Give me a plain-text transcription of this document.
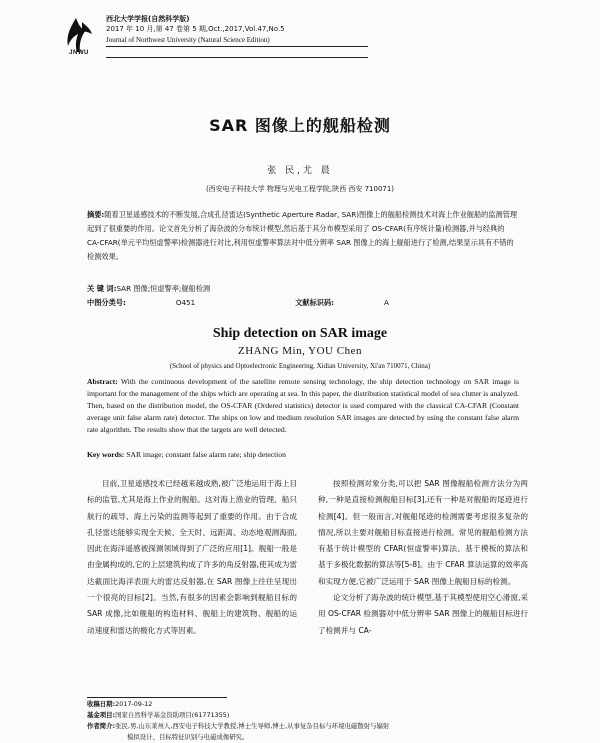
JNWU
西北大学学报(自然科学版)
2017 年 10 月,第 47 卷第 5 期,Oct.,2017,Vol.47,No.5
Journal of Northwest University (Natural Science Edition)
SAR 图像上的舰船检测
张 民,尤 晨
(西安电子科技大学 物理与光电工程学院,陕西 西安 710071)
摘要:随着卫星遥感技术的不断发展,合成孔径雷达(Synthetic Aperture Radar, SAR)图像上的舰船检测技术对海上作业舰船的监测管理起到了很重要的作用。论文首先分析了海杂波的分布统计模型,然后基于其分布模型采用了 OS-CFAR(有序统计量)检测器,并与经典的 CA-CFAR(单元平均恒虚警率)检测器进行对比,利用恒虚警率算法对中低分辨率 SAR 图像上的海上舰船进行了检测,结果显示具有不错的检测效果。
关 键 词:SAR 图像;恒虚警率;舰船检测
中图分类号:	O451	文献标识码:	A
Ship detection on SAR image
ZHANG Min, YOU Chen
(School of physics and Optoelectronic Engineering, Xidian University, Xi'an 710071, China)
Abstract: With the continuous development of the satellite remote sensing technology, the ship detection technology on SAR image is important for the management of the ships which are operating at sea. In this paper, the distribution statistical model of sea clutter is analyzed. Then, based on the distribution model, the OS-CFAR (Ordered statistics) detector is used compared with the classical CA-CFAR (Constant average unit false alarm rate) detector. The ships on low and medium resolution SAR images are detected by using the constant false alarm rate algorithm. The results show that the targets are well detected.
Key words: SAR image; constant false alarm rate; ship detection
目前,卫星遥感技术已经越来越成熟,被广泛地运用于海上目标的监管,尤其是海上作业的舰船。这对海上渔业的管理、船只航行的疏导、海上污染的监测等起到了重要的作用。由于合成孔径雷达能够实现全天候、全天时、远距离、动态地观测海面,因此在海洋遥感被探测领域得到了广泛的应用[1]。舰船一般是由金属构成的,它的上层建筑构成了许多的角反射器,使其成为雷达截面比海洋表面大的雷达反射器,在 SAR 图像上往往呈现出一个很亮的目标[2]。当然,有很多的因素会影响到舰船目标的 SAR 成像,比如舰船的构造材料、舰船上的建筑物、舰船的运动速度和雷达的极化方式等因素。

按照检测对象分类,可以把 SAR 图像舰船检测方法分为两种,一种是直接检测舰船目标[3],还有一种是对舰船的尾迹进行检测[4]。但一般而言,对舰船尾迹的检测需要考虑很多复杂的情况,所以主要对舰船目标直接进行检测。常见的舰船检测方法有基于统计模型的 CFAR(恒虚警率)算法、基于模板的算法和基于多极化数据的算法等[5-8]。由于 CFAR 算法运算的效率高和实现方便,它被广泛运用于 SAR 图像上舰船目标的检测。

论文分析了海杂波的统计模型,基于其模型使用空心滑窗,采用 OS-CFAR 检测器对中低分辨率 SAR 图像上的舰船目标进行了检测并与 CA-

收稿日期:2017-09-12
基金项目:国家自然科学基金资助项目(61771355)
作者简介:张民,男,山东莱州人,西安电子科技大学教授,博士生导师,博士,从事复杂目标与环境电磁散射与辐射
模拟设计、目标特征识别与电磁成像研究。
